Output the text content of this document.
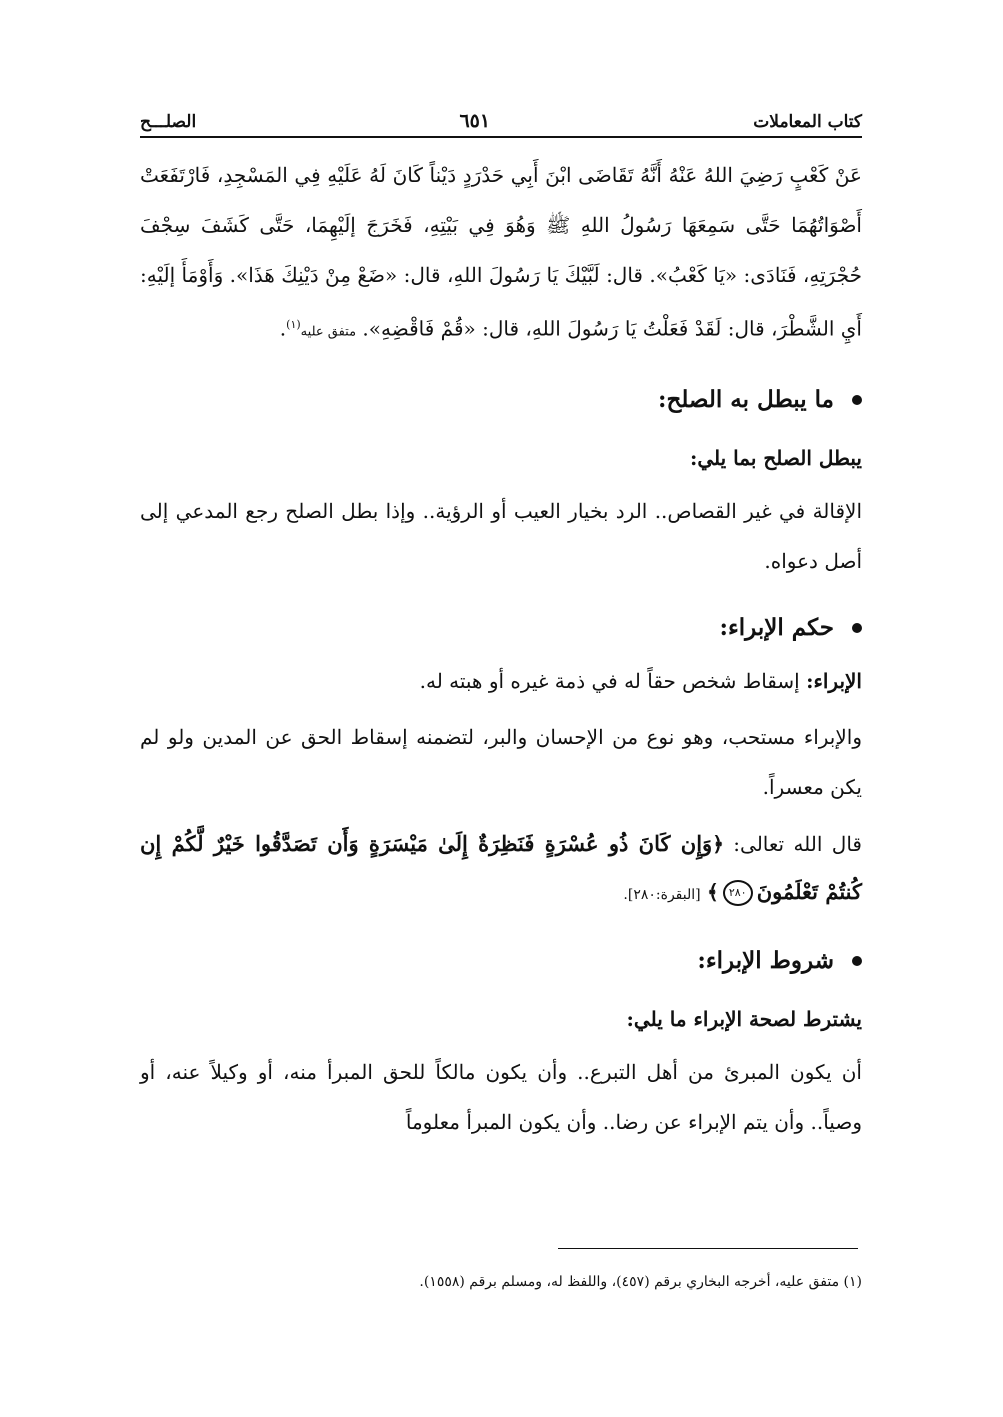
كتاب المعاملات
٦٥١
الصلـــح

عَنْ كَعْبٍ رَضِيَ اللهُ عَنْهُ أَنَّهُ تَقَاضَى ابْنَ أَبِي حَدْرَدٍ دَيْناً كَانَ لَهُ عَلَيْهِ فِي المَسْجِدِ، فَارْتَفَعَتْ أَصْوَاتُهُمَا حَتَّى سَمِعَهَا رَسُولُ اللهِ ﷺ وَهُوَ فِي بَيْتِهِ، فَخَرَجَ إلَيْهِمَا، حَتَّى كَشَفَ سِجْفَ حُجْرَتِهِ، فَنَادَى: «يَا كَعْبُ». قال: لَبَّيْكَ يَا رَسُولَ اللهِ، قال: «ضَعْ مِنْ دَيْنِكَ هَذَا». وَأَوْمَأَ إلَيْهِ: أَيِ الشَّطْرَ، قال: لَقَدْ فَعَلْتُ يَا رَسُولَ اللهِ، قال: «قُمْ فَاقْضِهِ». متفق عليه$^{(١)}$.

ما يبطل به الصلح:

يبطل الصلح بما يلي:

الإقالة في غير القصاص.. الرد بخيار العيب أو الرؤية.. وإذا بطل الصلح رجع المدعي إلى أصل دعواه.

حكم الإبراء:

الإبراء: إسقاط شخص حقاً له في ذمة غيره أو هبته له.

والإبراء مستحب، وهو نوع من الإحسان والبر، لتضمنه إسقاط الحق عن المدين ولو لم يكن معسراً.

قال الله تعالى: ﴿وَإِن كَانَ ذُو عُسْرَةٍ فَنَظِرَةٌ إِلَىٰ مَيْسَرَةٍ وَأَن تَصَدَّقُوا خَيْرٌ لَّكُمْ إِن كُنتُمْ تَعْلَمُونَ٢٨٠﴾ [البقرة:٢٨٠].

شروط الإبراء:

يشترط لصحة الإبراء ما يلي:

أن يكون المبرئ من أهل التبرع.. وأن يكون مالكاً للحق المبرأ منه، أو وكيلاً عنه، أو وصياً.. وأن يتم الإبراء عن رضا.. وأن يكون المبرأ معلوماً

(١) متفق عليه، أخرجه البخاري برقم (٤٥٧)، واللفظ له، ومسلم برقم (١٥٥٨).
